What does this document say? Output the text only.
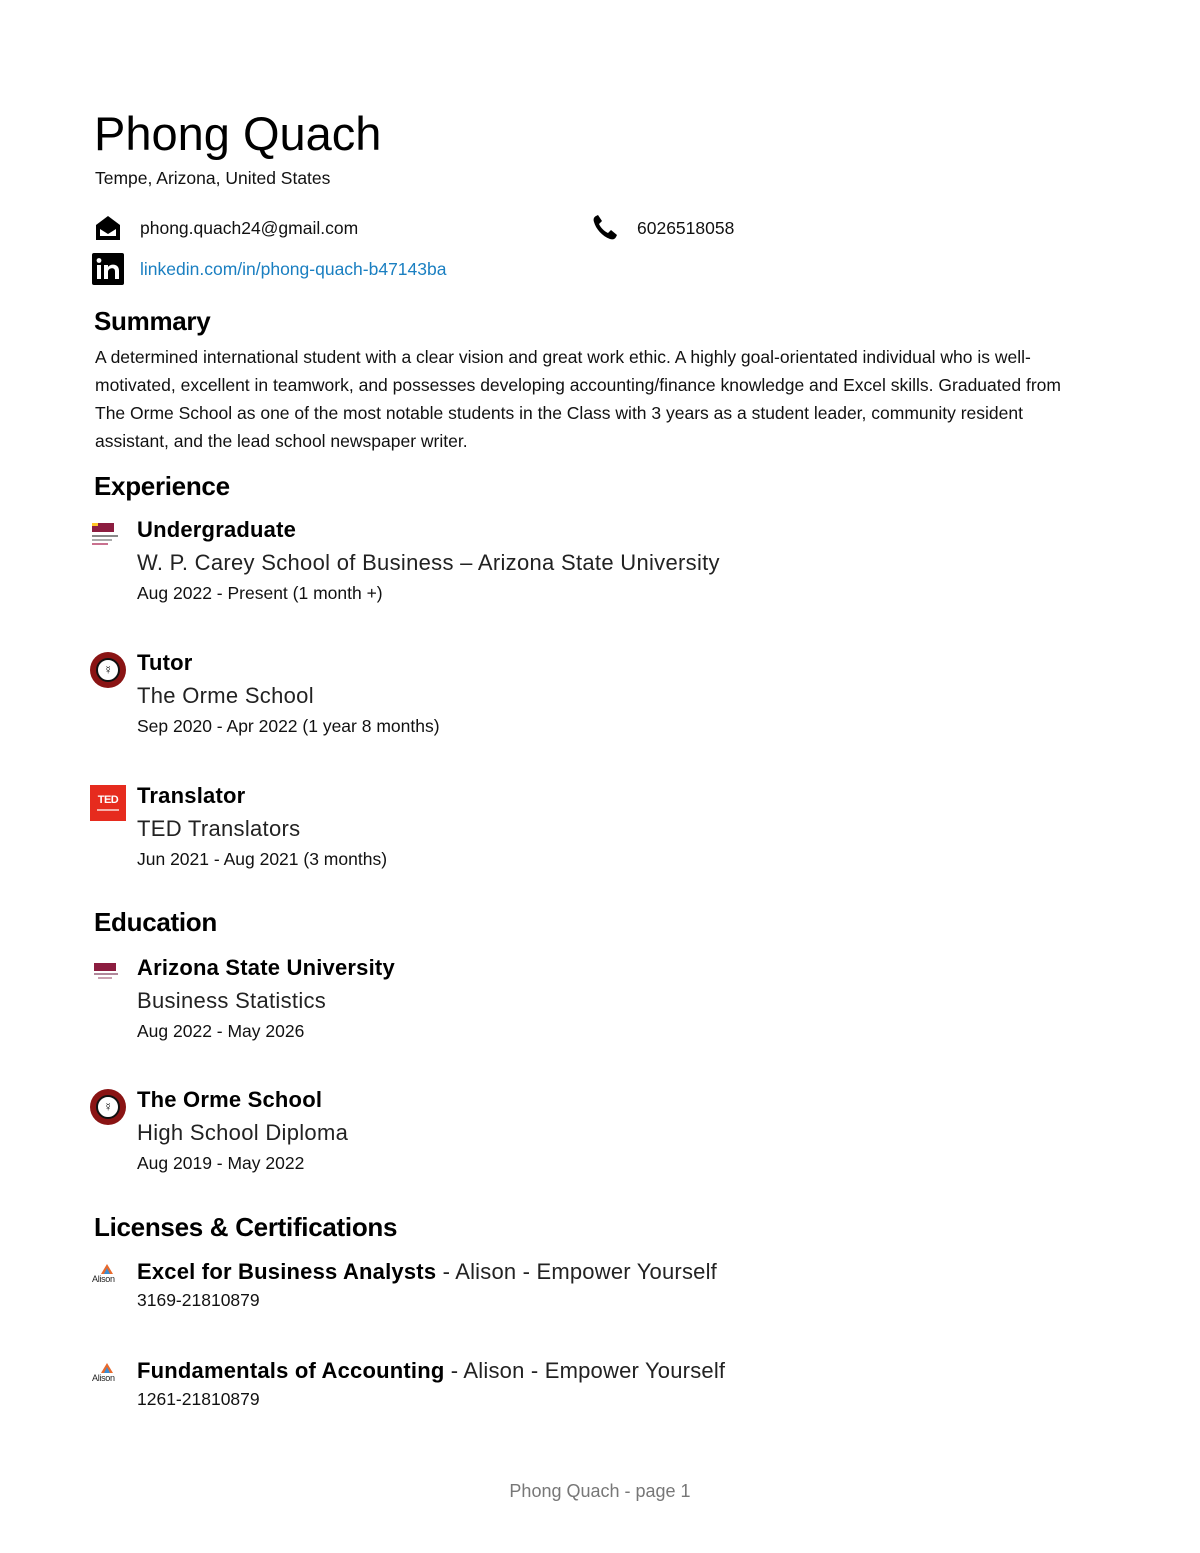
Phong Quach
Tempe, Arizona, United States
phong.quach24@gmail.com	6026518058
linkedin.com/in/phong-quach-b47143ba
Summary
A determined international student with a clear vision and great work ethic. A highly goal-orientated individual who is well-motivated, excellent in teamwork, and possesses developing accounting/finance knowledge and Excel skills. Graduated from The Orme School as one of the most notable students in the Class with 3 years as a student leader, community resident assistant, and the lead school newspaper writer.
Experience
Undergraduate
W. P. Carey School of Business – Arizona State University
Aug 2022 - Present (1 month +)
☿	Tutor
The Orme School
Sep 2020 - Apr 2022 (1 year 8 months)
TED Translator
TED Translators
Jun 2021 - Aug 2021 (3 months)
Education
Arizona State University
Business Statistics
Aug 2022 - May 2026
☿	The Orme School
High School Diploma
Aug 2019 - May 2022
Licenses & Certifications
Alison Excel for Business Analysts - Alison - Empower Yourself
3169-21810879
Alison Fundamentals of Accounting - Alison - Empower Yourself
1261-21810879
Phong Quach - page 1
